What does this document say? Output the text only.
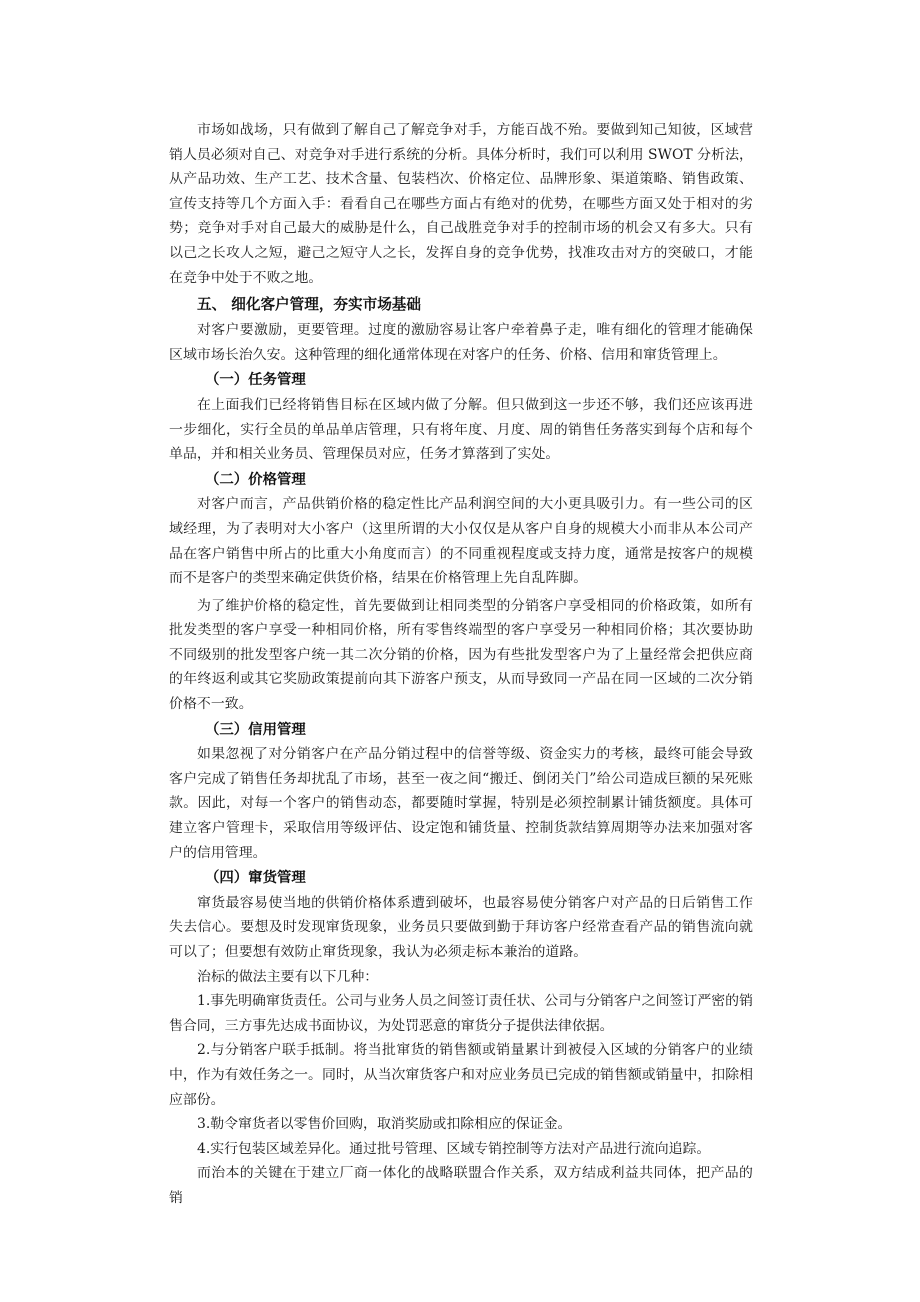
市场如战场，只有做到了解自己了解竞争对手，方能百战不殆。要做到知己知彼，区域营销人员必须对自己、对竞争对手进行系统的分析。具体分析时，我们可以利用 SWOT 分析法，从产品功效、生产工艺、技术含量、包装档次、价格定位、品牌形象、渠道策略、销售政策、宣传支持等几个方面入手：看看自己在哪些方面占有绝对的优势，在哪些方面又处于相对的劣势；竞争对手对自己最大的威胁是什么，自己战胜竞争对手的控制市场的机会又有多大。只有以己之长攻人之短，避己之短守人之长，发挥自身的竞争优势，找准攻击对方的突破口，才能在竞争中处于不败之地。

五、 细化客户管理，夯实市场基础

对客户要激励，更要管理。过度的激励容易让客户牵着鼻子走，唯有细化的管理才能确保区域市场长治久安。这种管理的细化通常体现在对客户的任务、价格、信用和窜货管理上。

（一）任务管理

在上面我们已经将销售目标在区域内做了分解。但只做到这一步还不够，我们还应该再进一步细化，实行全员的单品单店管理，只有将年度、月度、周的销售任务落实到每个店和每个单品，并和相关业务员、管理保员对应，任务才算落到了实处。

（二）价格管理

对客户而言，产品供销价格的稳定性比产品利润空间的大小更具吸引力。有一些公司的区域经理，为了表明对大小客户（这里所谓的大小仅仅是从客户自身的规模大小而非从本公司产品在客户销售中所占的比重大小角度而言）的不同重视程度或支持力度，通常是按客户的规模而不是客户的类型来确定供货价格，结果在价格管理上先自乱阵脚。

为了维护价格的稳定性，首先要做到让相同类型的分销客户享受相同的价格政策，如所有批发类型的客户享受一种相同价格，所有零售终端型的客户享受另一种相同价格；其次要协助不同级别的批发型客户统一其二次分销的价格，因为有些批发型客户为了上量经常会把供应商的年终返利或其它奖励政策提前向其下游客户预支，从而导致同一产品在同一区域的二次分销价格不一致。

（三）信用管理

如果忽视了对分销客户在产品分销过程中的信誉等级、资金实力的考核，最终可能会导致客户完成了销售任务却扰乱了市场，甚至一夜之间“搬迁、倒闭关门”给公司造成巨额的呆死账款。因此，对每一个客户的销售动态，都要随时掌握，特别是必须控制累计铺货额度。具体可建立客户管理卡，采取信用等级评估、设定饱和铺货量、控制货款结算周期等办法来加强对客户的信用管理。

（四）窜货管理

窜货最容易使当地的供销价格体系遭到破坏，也最容易使分销客户对产品的日后销售工作失去信心。要想及时发现窜货现象，业务员只要做到勤于拜访客户经常查看产品的销售流向就可以了；但要想有效防止窜货现象，我认为必须走标本兼治的道路。

治标的做法主要有以下几种：

1.事先明确窜货责任。公司与业务人员之间签订责任状、公司与分销客户之间签订严密的销售合同，三方事先达成书面协议，为处罚恶意的窜货分子提供法律依据。

2.与分销客户联手抵制。将当批窜货的销售额或销量累计到被侵入区域的分销客户的业绩中，作为有效任务之一。同时，从当次窜货客户和对应业务员已完成的销售额或销量中，扣除相应部份。

3.勒令窜货者以零售价回购，取消奖励或扣除相应的保证金。

4.实行包装区域差异化。通过批号管理、区域专销控制等方法对产品进行流向追踪。

而治本的关键在于建立厂商一体化的战略联盟合作关系，双方结成利益共同体，把产品的销
